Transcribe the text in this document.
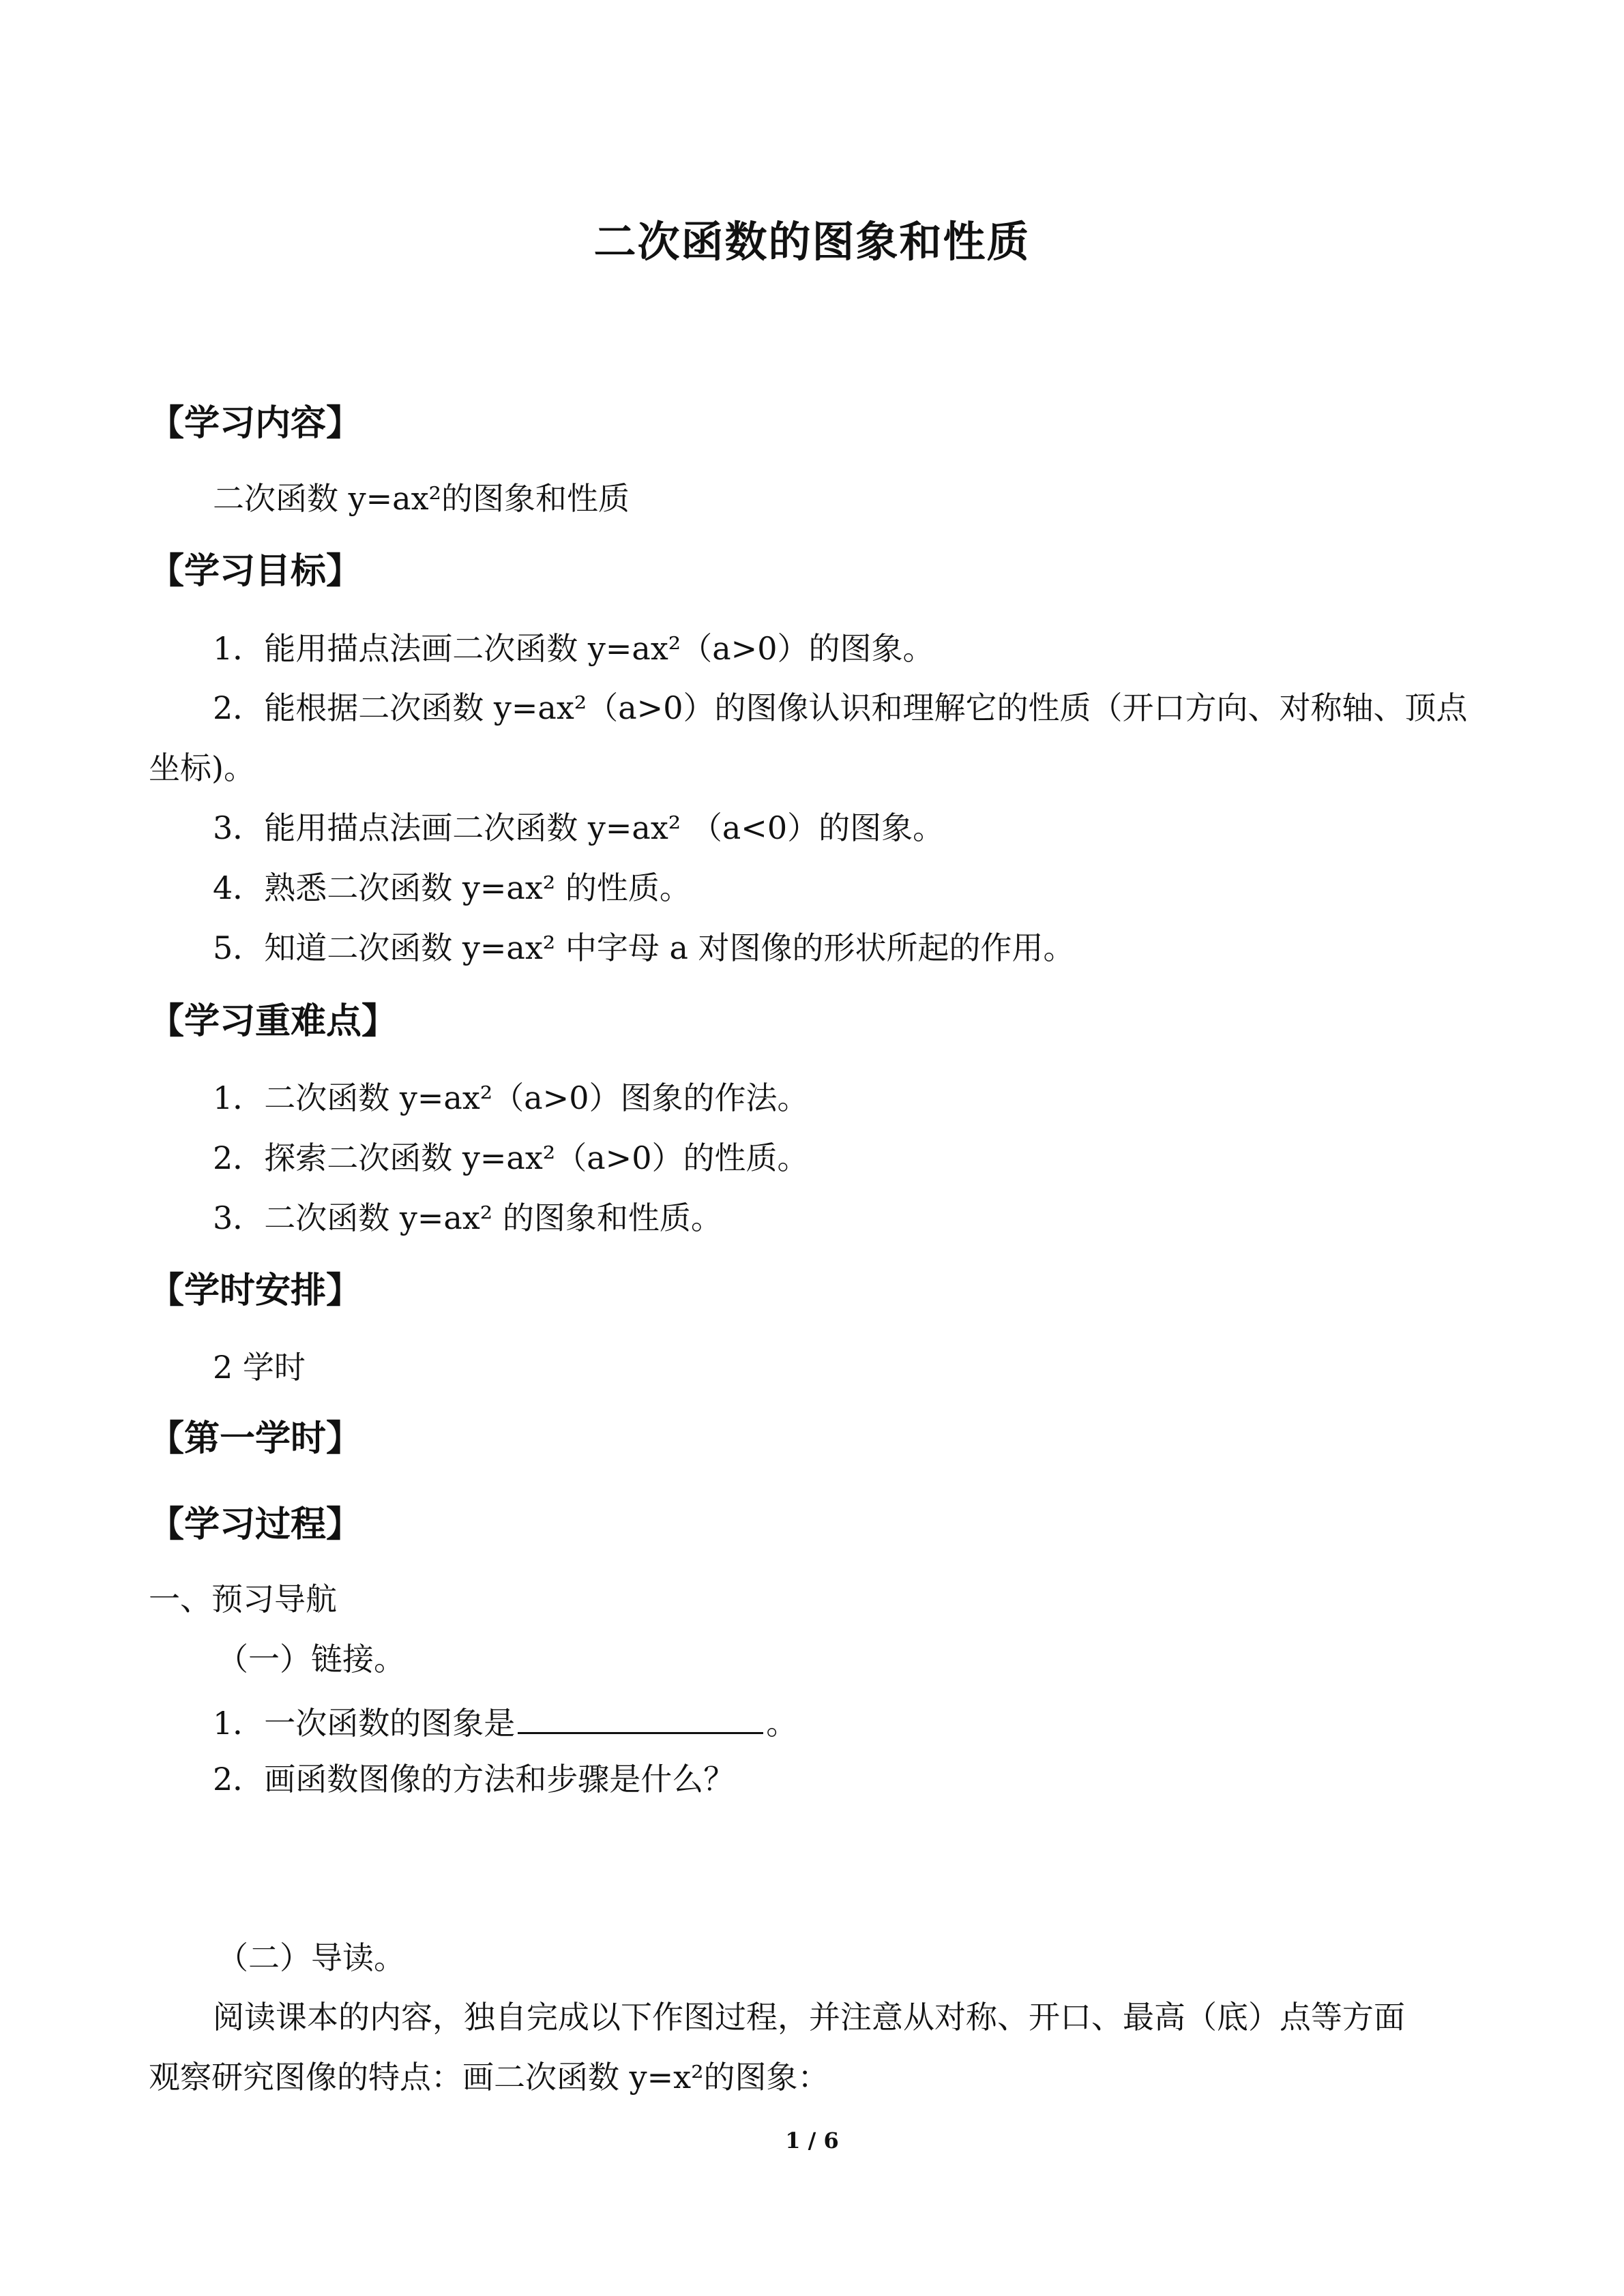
二次函数的图象和性质
【学习内容】
二次函数 y=ax²的图象和性质
【学习目标】
1．能用描点法画二次函数 y=ax²（a>0）的图象。
2．能根据二次函数 y=ax²（a>0）的图像认识和理解它的性质（开口方向、对称轴、顶点
坐标)。
3．能用描点法画二次函数 y=ax² （a<0）的图象。
4．熟悉二次函数 y=ax² 的性质。
5．知道二次函数 y=ax² 中字母 a 对图像的形状所起的作用。
【学习重难点】
1．二次函数 y=ax²（a>0）图象的作法。
2．探索二次函数 y=ax²（a>0）的性质。
3．二次函数 y=ax² 的图象和性质。
【学时安排】
2 学时
【第一学时】
【学习过程】
一、预习导航
（一）链接。
1．一次函数的图象是	。
2．画函数图像的方法和步骤是什么？
（二）导读。
阅读课本的内容，独自完成以下作图过程，并注意从对称、开口、最高（底）点等方面
观察研究图像的特点：画二次函数 y=x²的图象：
1 / 6
